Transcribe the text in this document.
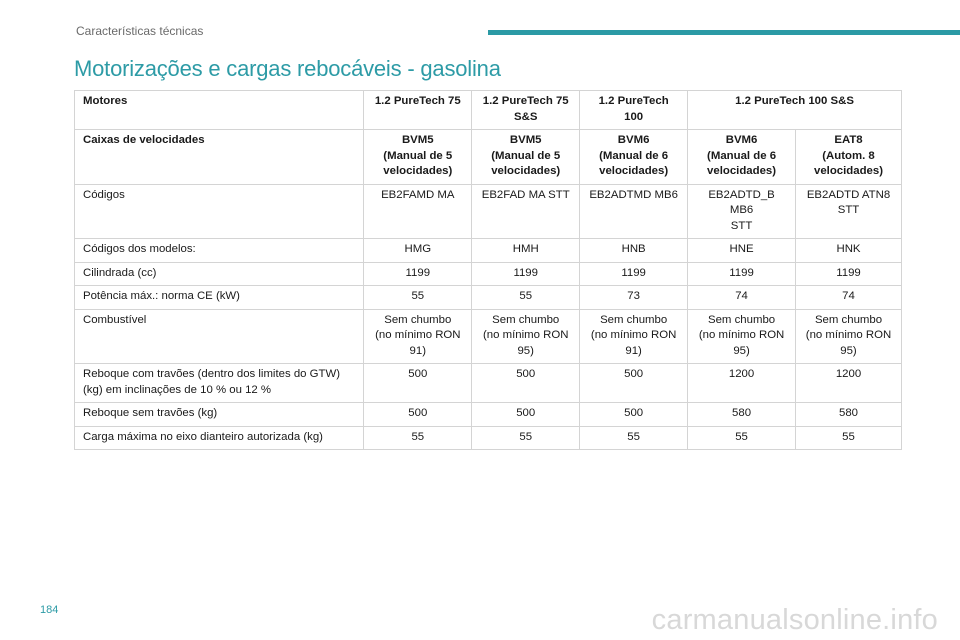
Características técnicas
Motorizações e cargas rebocáveis - gasolina
Motores	1.2 PureTech 75	1.2 PureTech 75 S&S	1.2 PureTech 100	1.2 PureTech 100 S&S	
Caixas de velocidades	BVM5
(Manual de 5
velocidades)	BVM5
(Manual de 5
velocidades)	BVM6
(Manual de 6
velocidades)	BVM6
(Manual de 6
velocidades)	EAT8
(Autom. 8
velocidades)
Códigos	EB2FAMD MA	EB2FAD MA STT	EB2ADTMD MB6	EB2ADTD_B MB6
STT	EB2ADTD ATN8
STT
Códigos dos modelos:	HMG	HMH	HNB	HNE	HNK
Cilindrada (cc)	1199	1199	1199	1199	1199
Potência máx.: norma CE (kW)	55	55	73	74	74
Combustível	Sem chumbo
(no mínimo RON
91)	Sem chumbo
(no mínimo RON
95)	Sem chumbo
(no mínimo RON
91)	Sem chumbo
(no mínimo RON
95)	Sem chumbo
(no mínimo RON
95)
Reboque com travões (dentro dos limites do GTW) (kg) em inclinações de 10 % ou 12 %	500	500	500	1200	1200
Reboque sem travões (kg)	500	500	500	580	580
Carga máxima no eixo dianteiro autorizada (kg)	55	55	55	55	55
184	carmanualsonline.info
